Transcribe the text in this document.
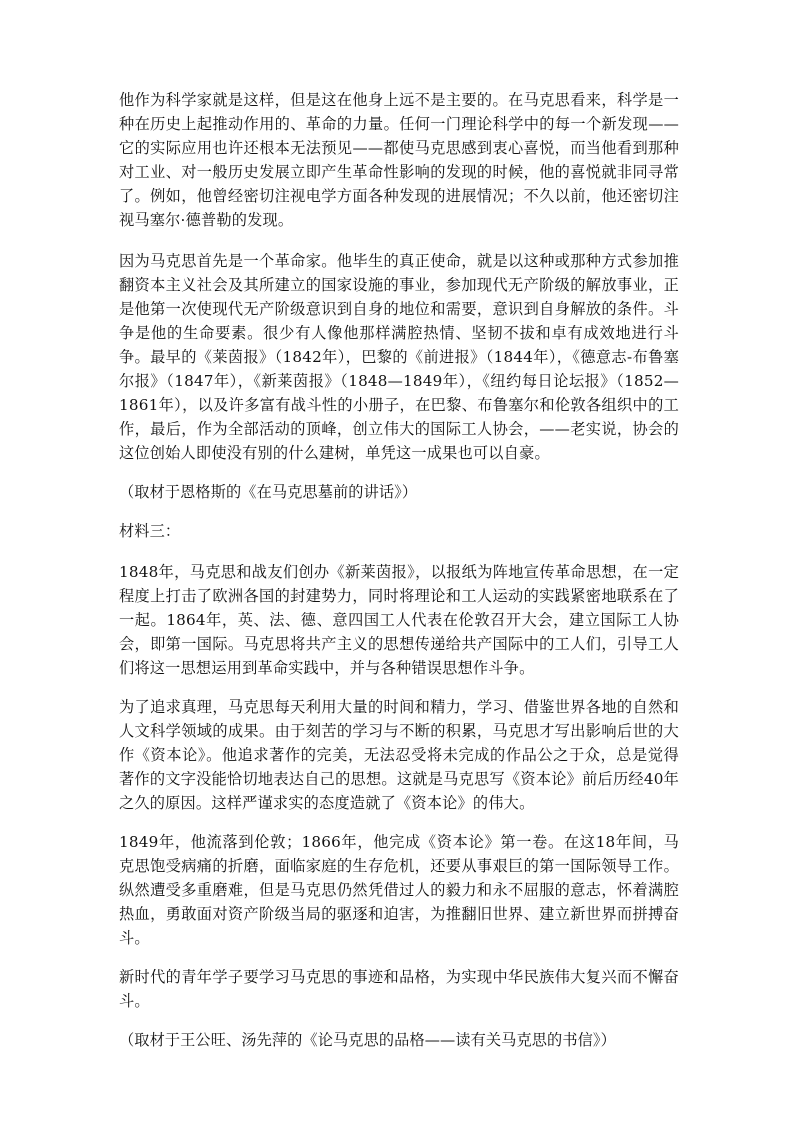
他作为科学家就是这样，但是这在他身上远不是主要的。在马克思看来，科学是一种在历史上起推动作用的、革命的力量。任何一门理论科学中的每一个新发现——它的实际应用也许还根本无法预见——都使马克思感到衷心喜悦，而当他看到那种对工业、对一般历史发展立即产生革命性影响的发现的时候，他的喜悦就非同寻常了。例如，他曾经密切注视电学方面各种发现的进展情况；不久以前，他还密切注视马塞尔·德普勒的发现。

因为马克思首先是一个革命家。他毕生的真正使命，就是以这种或那种方式参加推翻资本主义社会及其所建立的国家设施的事业，参加现代无产阶级的解放事业，正是他第一次使现代无产阶级意识到自身的地位和需要，意识到自身解放的条件。斗争是他的生命要素。很少有人像他那样满腔热情、坚韧不拔和卓有成效地进行斗争。最早的《莱茵报》（1842年），巴黎的《前进报》（1844年），《德意志-布鲁塞尔报》（1847年），《新莱茵报》（1848—1849年），《纽约每日论坛报》（1852—1861年），以及许多富有战斗性的小册子，在巴黎、布鲁塞尔和伦敦各组织中的工作，最后，作为全部活动的顶峰，创立伟大的国际工人协会，——老实说，协会的这位创始人即使没有别的什么建树，单凭这一成果也可以自豪。

（取材于恩格斯的《在马克思墓前的讲话》）

材料三：

1848年，马克思和战友们创办《新莱茵报》，以报纸为阵地宣传革命思想，在一定程度上打击了欧洲各国的封建势力，同时将理论和工人运动的实践紧密地联系在了一起。1864年，英、法、德、意四国工人代表在伦敦召开大会，建立国际工人协会，即第一国际。马克思将共产主义的思想传递给共产国际中的工人们，引导工人们将这一思想运用到革命实践中，并与各种错误思想作斗争。

为了追求真理，马克思每天利用大量的时间和精力，学习、借鉴世界各地的自然和人文科学领域的成果。由于刻苦的学习与不断的积累，马克思才写出影响后世的大作《资本论》。他追求著作的完美，无法忍受将未完成的作品公之于众，总是觉得著作的文字没能恰切地表达自己的思想。这就是马克思写《资本论》前后历经40年之久的原因。这样严谨求实的态度造就了《资本论》的伟大。

1849年，他流落到伦敦；1866年，他完成《资本论》第一卷。在这18年间，马克思饱受病痛的折磨，面临家庭的生存危机，还要从事艰巨的第一国际领导工作。纵然遭受多重磨难，但是马克思仍然凭借过人的毅力和永不屈服的意志，怀着满腔热血，勇敢面对资产阶级当局的驱逐和迫害，为推翻旧世界、建立新世界而拼搏奋斗。

新时代的青年学子要学习马克思的事迹和品格，为实现中华民族伟大复兴而不懈奋斗。

（取材于王公旺、汤先萍的《论马克思的品格——读有关马克思的书信》）
